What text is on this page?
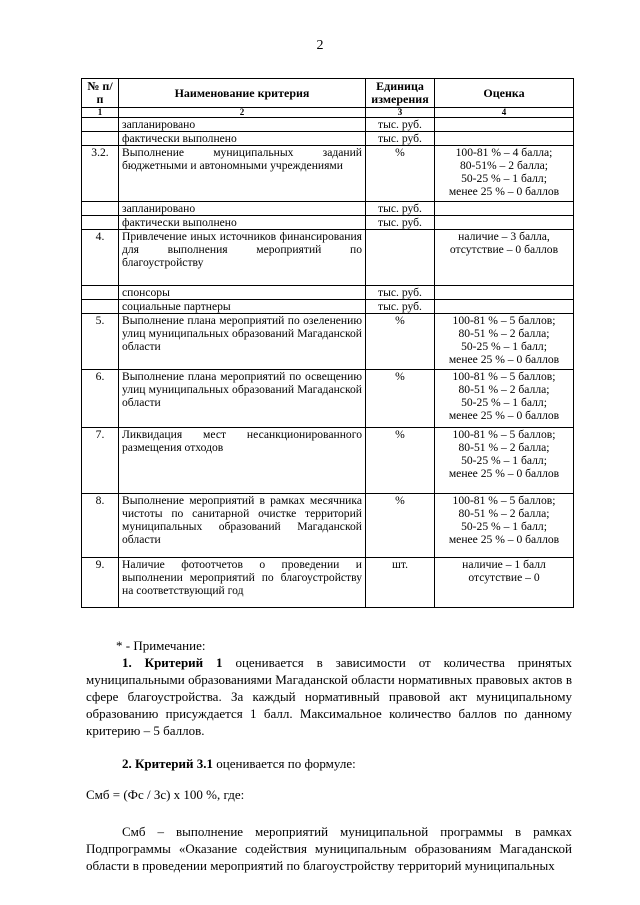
2
№ п/п	Наименование критерия	Единица измерения	Оценка
1	2	3	4
	запланировано	тыс. руб.	
	фактически выполнено	тыс. руб.	
3.2.	Выполнение муниципальных заданий бюджетными и автономными учреждениями	%	100-81 % – 4 балла;
80-51% – 2 балла;
50-25 % – 1 балл;
менее 25 % – 0 баллов

	запланировано	тыс. руб.	
	фактически выполнено	тыс. руб.	
4.	Привлечение иных источников финансирования для выполнения мероприятий по благоустройству		наличие – 3 балла,
отсутствие – 0 баллов

	спонсоры	тыс. руб.	
	социальные партнеры	тыс. руб.	
5.	Выполнение плана мероприятий по озеленению улиц муниципальных образований Магаданской области	%	100-81 % – 5 баллов;
80-51 % – 2 балла;
50-25 % – 1 балл;
менее 25 % – 0 баллов

6.	Выполнение плана мероприятий по освещению улиц муниципальных образований Магаданской области	%	100-81 % – 5 баллов;
80-51 % – 2 балла;
50-25 % – 1 балл;
менее 25 % – 0 баллов

7.	Ликвидация мест несанкционированного размещения отходов	%	100-81 % – 5 баллов;
80-51 % – 2 балла;
50-25 % – 1 балл;
менее 25 % – 0 баллов

8.	Выполнение мероприятий в рамках месячника чистоты по санитарной очистке территорий муниципальных образований Магаданской области	%	100-81 % – 5 баллов;
80-51 % – 2 балла;
50-25 % – 1 балл;
менее 25 % – 0 баллов

9.	Наличие фотоотчетов о проведении и выполнении мероприятий по благоустройству на соответствующий год	шт.	наличие – 1 балл
отсутствие – 0

* - Примечание:

1. Критерий 1 оценивается в зависимости от количества принятых муниципальными образованиями Магаданской области нормативных правовых актов в сфере благоустройства. За каждый нормативный правовой акт муниципальному образованию присуждается 1 балл. Максимальное количество баллов по данному критерию – 5 баллов.

2. Критерий 3.1 оценивается по формуле:

Смб = (Фс / Зс) х 100 %, где:

Смб – выполнение мероприятий муниципальной программы в рамках Подпрограммы «Оказание содействия муниципальным образованиям Магаданской области в проведении мероприятий по благоустройству территорий муниципальных
